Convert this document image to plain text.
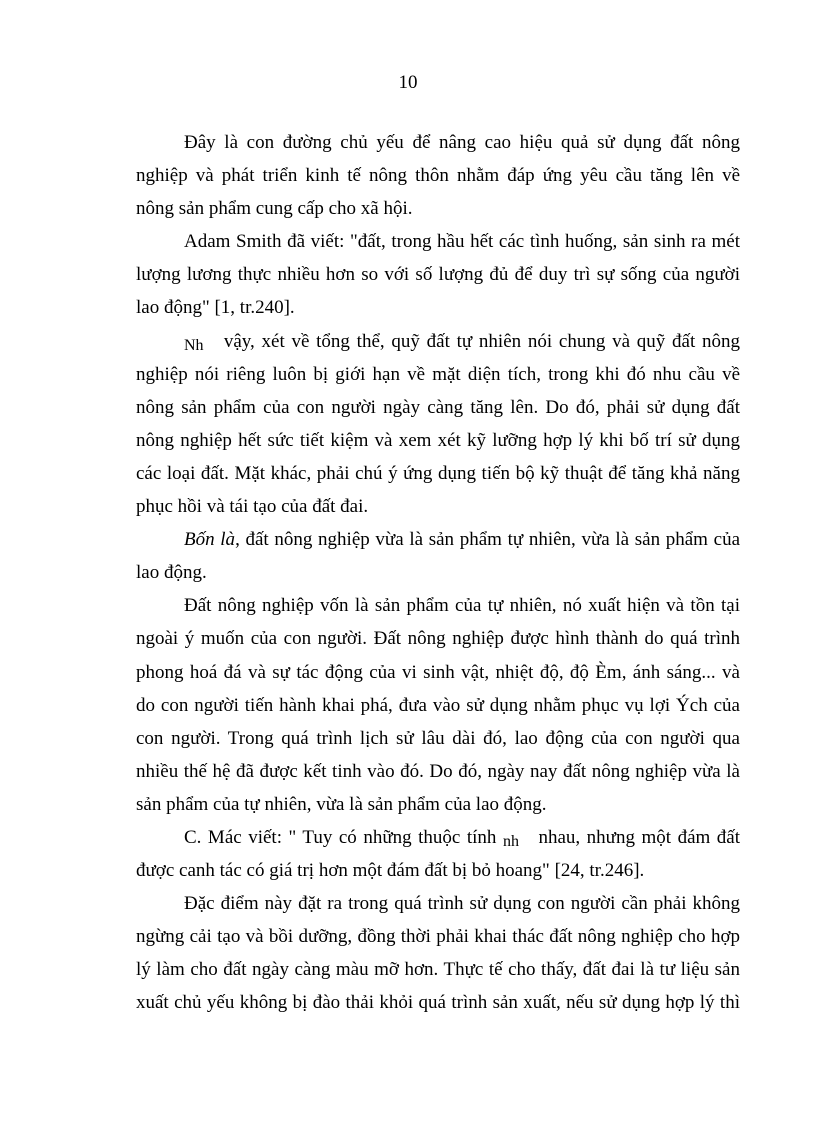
10
Đây là con đường chủ yếu để nâng cao hiệu quả sử dụng đất nông
nghiệp và phát triển kinh tế nông thôn nhằm đáp ứng yêu cầu tăng lên về
nông sản phẩm cung cấp cho xã hội.
Adam Smith đã viết: "đất, trong hầu hết các tình huống, sản sinh ra mét
lượng lương thực nhiều hơn so với số lượng đủ để duy trì sự sống của người
lao động" [1, tr.240].
Nh vậy, xét về tổng thể, quỹ đất tự nhiên nói chung và quỹ đất nông
nghiệp nói riêng luôn bị giới hạn về mặt diện tích, trong khi đó nhu cầu về
nông sản phẩm của con người ngày càng tăng lên. Do đó, phải sử dụng đất
nông nghiệp hết sức tiết kiệm và xem xét kỹ lưỡng hợp lý khi bố trí sử dụng
các loại đất. Mặt khác, phải chú ý ứng dụng tiến bộ kỹ thuật để tăng khả năng
phục hồi và tái tạo của đất đai.
Bốn là, đất nông nghiệp vừa là sản phẩm tự nhiên, vừa là sản phẩm của
lao động.
Đất nông nghiệp vốn là sản phẩm của tự nhiên, nó xuất hiện và tồn tại
ngoài ý muốn của con người. Đất nông nghiệp được hình thành do quá trình
phong hoá đá và sự tác động của vi sinh vật, nhiệt độ, độ Èm, ánh sáng... và
do con người tiến hành khai phá, đưa vào sử dụng nhằm phục vụ lợi Ých của
con người. Trong quá trình lịch sử lâu dài đó, lao động của con người qua
nhiều thế hệ đã được kết tinh vào đó. Do đó, ngày nay đất nông nghiệp vừa là
sản phẩm của tự nhiên, vừa là sản phẩm của lao động.
C. Mác viết: " Tuy có những thuộc tính nh nhau, nhưng một đám đất
được canh tác có giá trị hơn một đám đất bị bỏ hoang" [24, tr.246].
Đặc điểm này đặt ra trong quá trình sử dụng con người cần phải không
ngừng cải tạo và bồi dưỡng, đồng thời phải khai thác đất nông nghiệp cho hợp
lý làm cho đất ngày càng màu mỡ hơn. Thực tế cho thấy, đất đai là tư liệu sản
xuất chủ yếu không bị đào thải khỏi quá trình sản xuất, nếu sử dụng hợp lý thì
